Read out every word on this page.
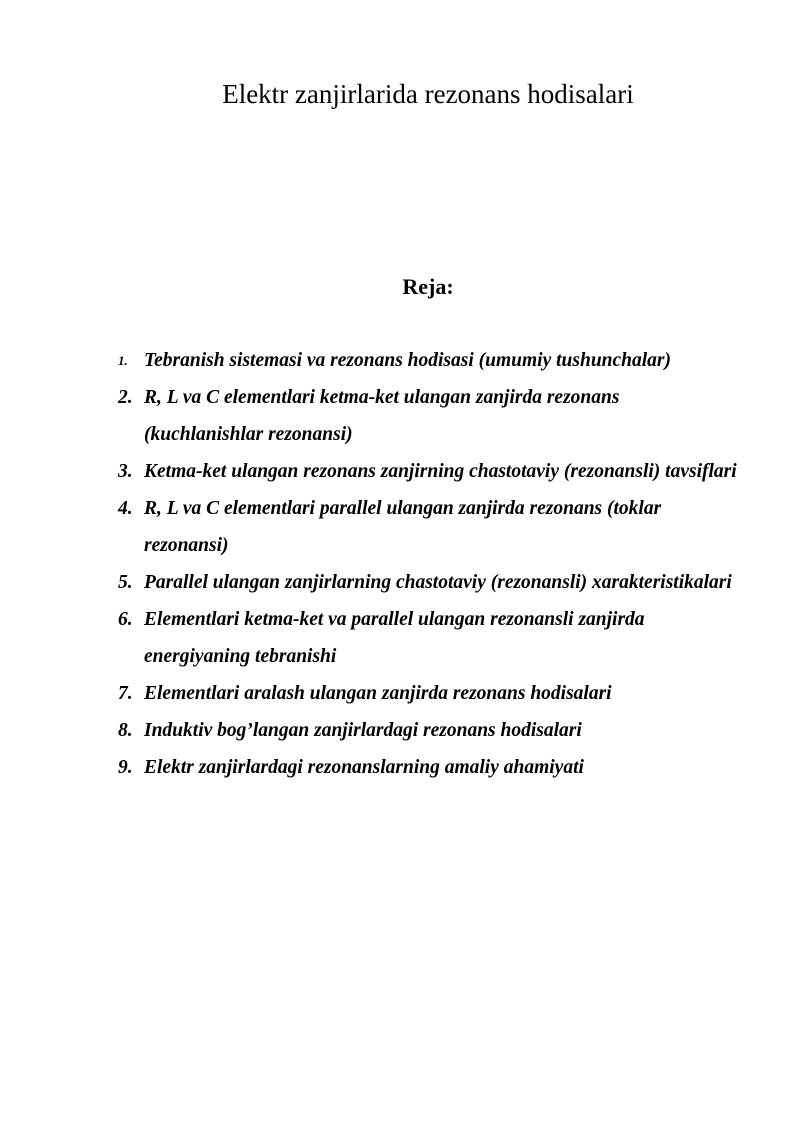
Elektr zanjirlarida rezonans hodisalari
Reja:
1. Tebranish sistemasi va rezonans hodisasi (umumiy tushunchalar)
2. R, L va C elementlari ketma-ket ulangan zanjirda rezonans (kuchlanishlar rezonansi)
3. Ketma-ket ulangan rezonans zanjirning chastotaviy (rezonansli) tavsiflari
4. R, L va C elementlari parallel ulangan zanjirda rezonans (toklar rezonansi)
5. Parallel ulangan zanjirlarning chastotaviy (rezonansli) xarakteristikalari
6. Elementlari ketma-ket va parallel ulangan rezonansli zanjirda energiyaning tebranishi
7. Elementlari aralash ulangan zanjirda rezonans hodisalari
8. Induktiv bog’langan zanjirlardagi rezonans hodisalari
9. Elektr zanjirlardagi rezonanslarning amaliy ahamiyati
